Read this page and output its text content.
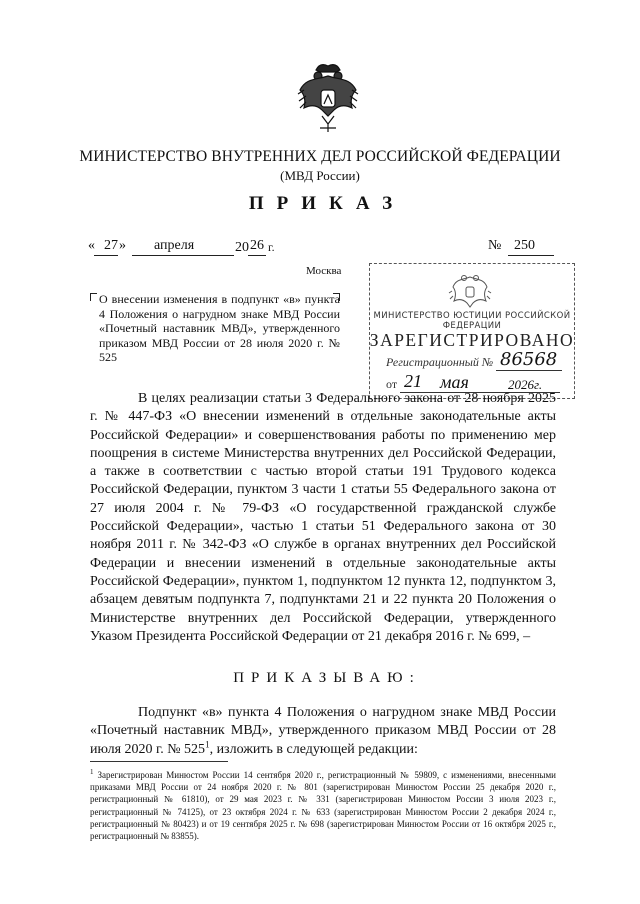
МИНИСТЕРСТВО ВНУТРЕННИХ ДЕЛ РОССИЙСКОЙ ФЕДЕРАЦИИ
(МВД России)
ПРИКАЗ
« 27 » апреля	20 26 г.	№ 250
Москва

О внесении изменения в подпункт «в» пункта 4 Положения о нагрудном знаке МВД России «Почетный наставник МВД», утвержденного приказом МВД России от 28 июля 2020 г. № 525

МИНИСТЕРСТВО ЮСТИЦИИ РОССИЙСКОЙ ФЕДЕРАЦИИ
ЗАРЕГИСТРИРОВАНО
Регистрационный № 86568
от 21 мая	2026г.

В целях реализации статьи 3 Федерального закона от 28 ноября 2025 г. № 447-ФЗ «О внесении изменений в отдельные законодательные акты Российской Федерации» и совершенствования работы по применению мер поощрения в системе Министерства внутренних дел Российской Федерации, а также в соответствии с частью второй статьи 191 Трудового кодекса Российской Федерации, пунктом 3 части 1 статьи 55 Федерального закона от 27 июля 2004 г. № 79-ФЗ «О государственной гражданской службе Российской Федерации», частью 1 статьи 51 Федерального закона от 30 ноября 2011 г. № 342-ФЗ «О службе в органах внутренних дел Российской Федерации и внесении изменений в отдельные законодательные акты Российской Федерации», пунктом 1, подпунктом 12 пункта 12, подпунктом 3, абзацем девятым подпункта 7, подпунктами 21 и 22 пункта 20 Положения о Министерстве внутренних дел Российской Федерации, утвержденного Указом Президента Российской Федерации от 21 декабря 2016 г. № 699, –

ПРИКАЗЫВАЮ:

Подпункт «в» пункта 4 Положения о нагрудном знаке МВД России «Почетный наставник МВД», утвержденного приказом МВД России от 28 июля 2020 г. № $525^1$, изложить в следующей редакции:

$^1$ Зарегистрирован Минюстом России 14 сентября 2020 г., регистрационный № 59809, с изменениями, внесенными приказами МВД России от 24 ноября 2020 г. № 801 (зарегистрирован Минюстом России 25 декабря 2020 г., регистрационный № 61810), от 29 мая 2023 г. № 331 (зарегистрирован Минюстом России 3 июля 2023 г., регистрационный № 74125), от 23 октября 2024 г. № 633 (зарегистрирован Минюстом России 2 декабря 2024 г., регистрационный № 80423) и от 19 сентября 2025 г. № 698 (зарегистрирован Минюстом России от 16 октября 2025 г., регистрационный № 83855).
